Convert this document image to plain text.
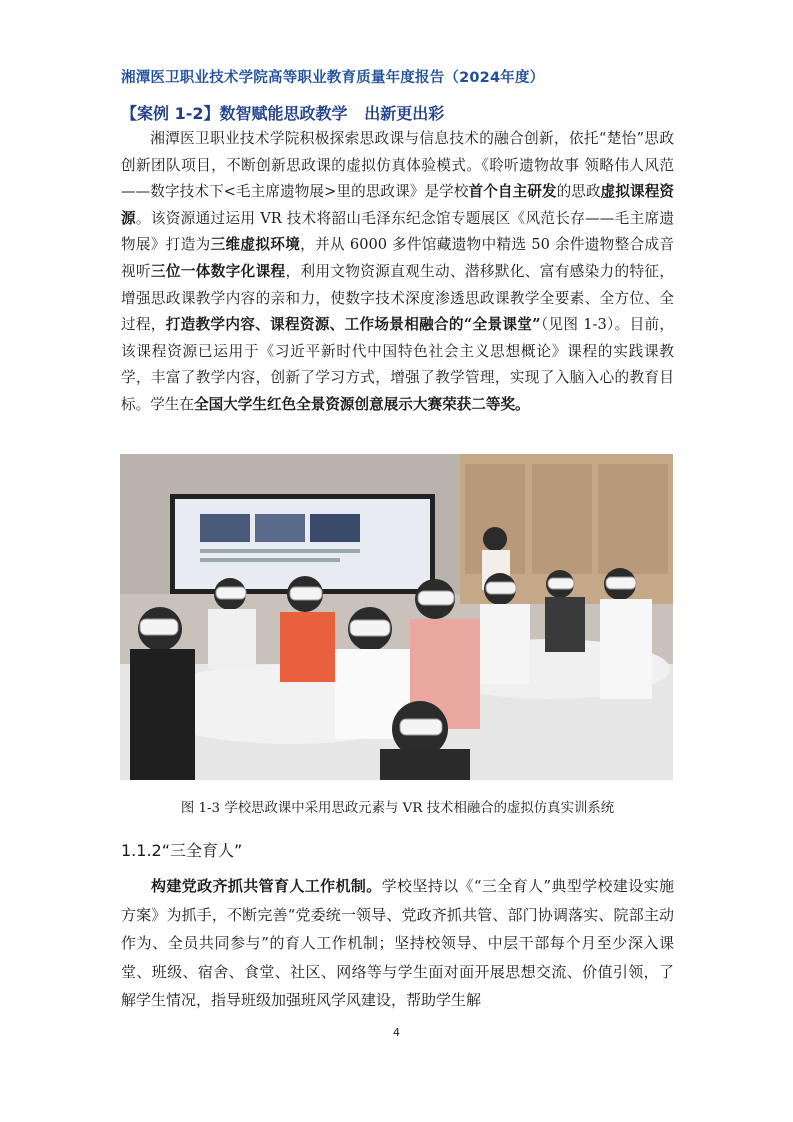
湘潭医卫职业技术学院高等职业教育质量年度报告（2024年度）
【案例 1-2】数智赋能思政教学 出新更出彩
湘潭医卫职业技术学院积极探索思政课与信息技术的融合创新，依托“楚怡”思政创新团队项目，不断创新思政课的虚拟仿真体验模式。《聆听遗物故事 领略伟人风范——数字技术下<毛主席遗物展>里的思政课》是学校首个自主研发的思政虚拟课程资源。该资源通过运用 VR 技术将韶山毛泽东纪念馆专题展区《风范长存——毛主席遗物展》打造为三维虚拟环境，并从 6000 多件馆藏遗物中精选 50 余件遗物整合成音视听三位一体数字化课程，利用文物资源直观生动、潜移默化、富有感染力的特征，增强思政课教学内容的亲和力，使数字技术深度渗透思政课教学全要素、全方位、全过程，打造教学内容、课程资源、工作场景相融合的“全景课堂”（见图 1-3）。目前，该课程资源已运用于《习近平新时代中国特色社会主义思想概论》课程的实践课教学，丰富了教学内容，创新了学习方式，增强了教学管理，实现了入脑入心的教育目标。学生在全国大学生红色全景资源创意展示大赛荣获二等奖。
图 1-3 学校思政课中采用思政元素与 VR 技术相融合的虚拟仿真实训系统
1.1.2“三全育人”
构建党政齐抓共管育人工作机制。学校坚持以《“三全育人”典型学校建设实施方案》为抓手，不断完善“党委统一领导、党政齐抓共管、部门协调落实、院部主动作为、全员共同参与”的育人工作机制；坚持校领导、中层干部每个月至少深入课堂、班级、宿舍、食堂、社区、网络等与学生面对面开展思想交流、价值引领，了解学生情况，指导班级加强班风学风建设，帮助学生解
4
